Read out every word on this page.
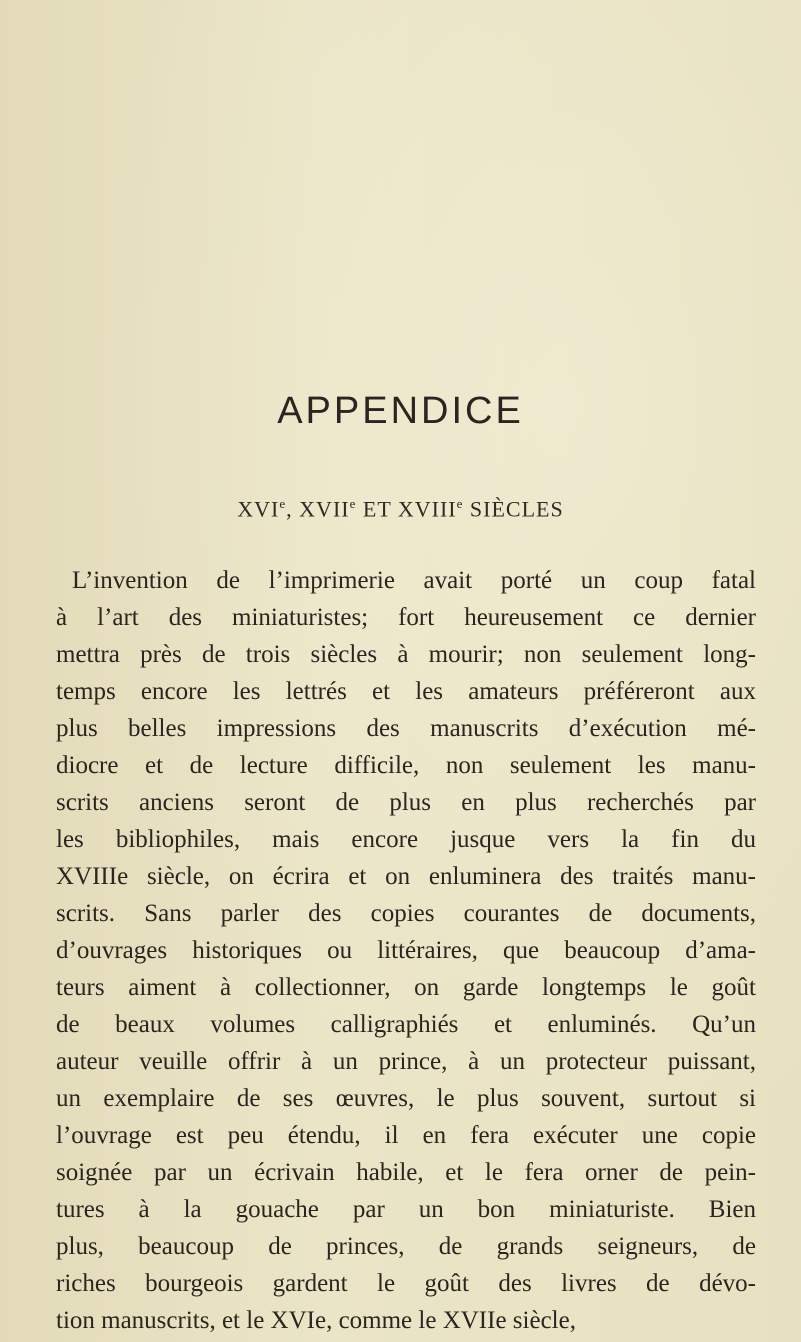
APPENDICE
XVIe, XVIIe ET XVIIIe SIÈCLES
L’invention de l’imprimerie avait porté un coup fatal
à l’art des miniaturistes; fort heureusement ce dernier
mettra près de trois siècles à mourir; non seulement long-
temps encore les lettrés et les amateurs préféreront aux
plus belles impressions des manuscrits d’exécution mé-
diocre et de lecture difficile, non seulement les manu-
scrits anciens seront de plus en plus recherchés par
les bibliophiles, mais encore jusque vers la fin du
XVIIIe siècle, on écrira et on enluminera des traités manu-
scrits. Sans parler des copies courantes de documents,
d’ouvrages historiques ou littéraires, que beaucoup d’ama-
teurs aiment à collectionner, on garde longtemps le goût
de beaux volumes calligraphiés et enluminés. Qu’un
auteur veuille offrir à un prince, à un protecteur puissant,
un exemplaire de ses œuvres, le plus souvent, surtout si
l’ouvrage est peu étendu, il en fera exécuter une copie
soignée par un écrivain habile, et le fera orner de pein-
tures à la gouache par un bon miniaturiste. Bien
plus, beaucoup de princes, de grands seigneurs, de
riches bourgeois gardent le goût des livres de dévo-
tion manuscrits, et le XVIe, comme le XVIIe siècle,
